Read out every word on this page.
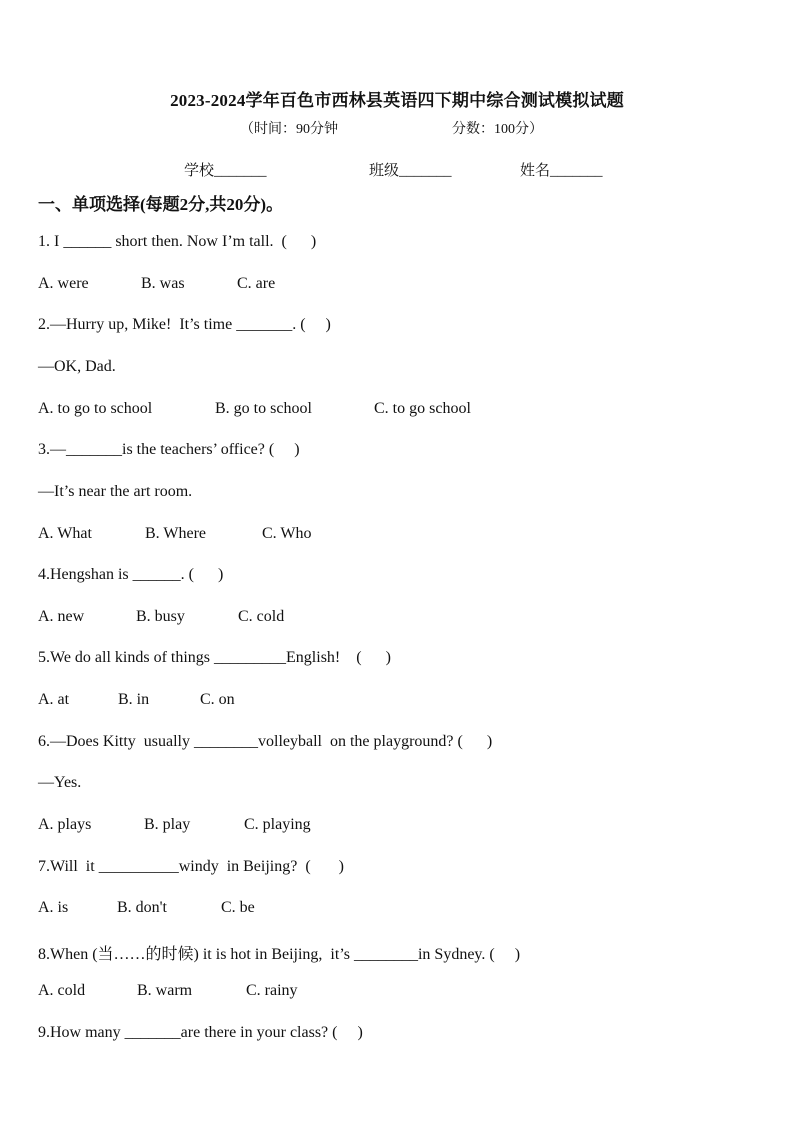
2023-2024学年百色市西林县英语四下期中综合测试模拟试题
（时间：90分钟	分数：100分）
学校_______	班级_______	姓名_______
一、单项选择(每题2分,共20分)。
1. I ______ short then. Now I’m tall.  (      )
A. were	B. was	C. are
2.—Hurry up, Mike!  It’s time _______. (     )
—OK, Dad.
A. to go to school	B. go to school	C. to go school
3.—_______is the teachers’ office? (     )
—It’s near the art room.
A. What	B. Where	C. Who
4.Hengshan is ______. (      )
A. new	B. busy	C. cold
5.We do all kinds of things _________English!    (      )
A. at	B. in	C. on
6.—Does Kitty  usually ________volleyball  on the playground? (      )
—Yes.
A. plays	B. play	C. playing
7.Will  it __________windy  in Beijing?  (       )
A. is	B. don't	C. be
8.When (当……的时候) it is hot in Beijing,  it’s ________in Sydney. (     )
A. cold	B. warm	C. rainy
9.How many _______are there in your class? (     )
